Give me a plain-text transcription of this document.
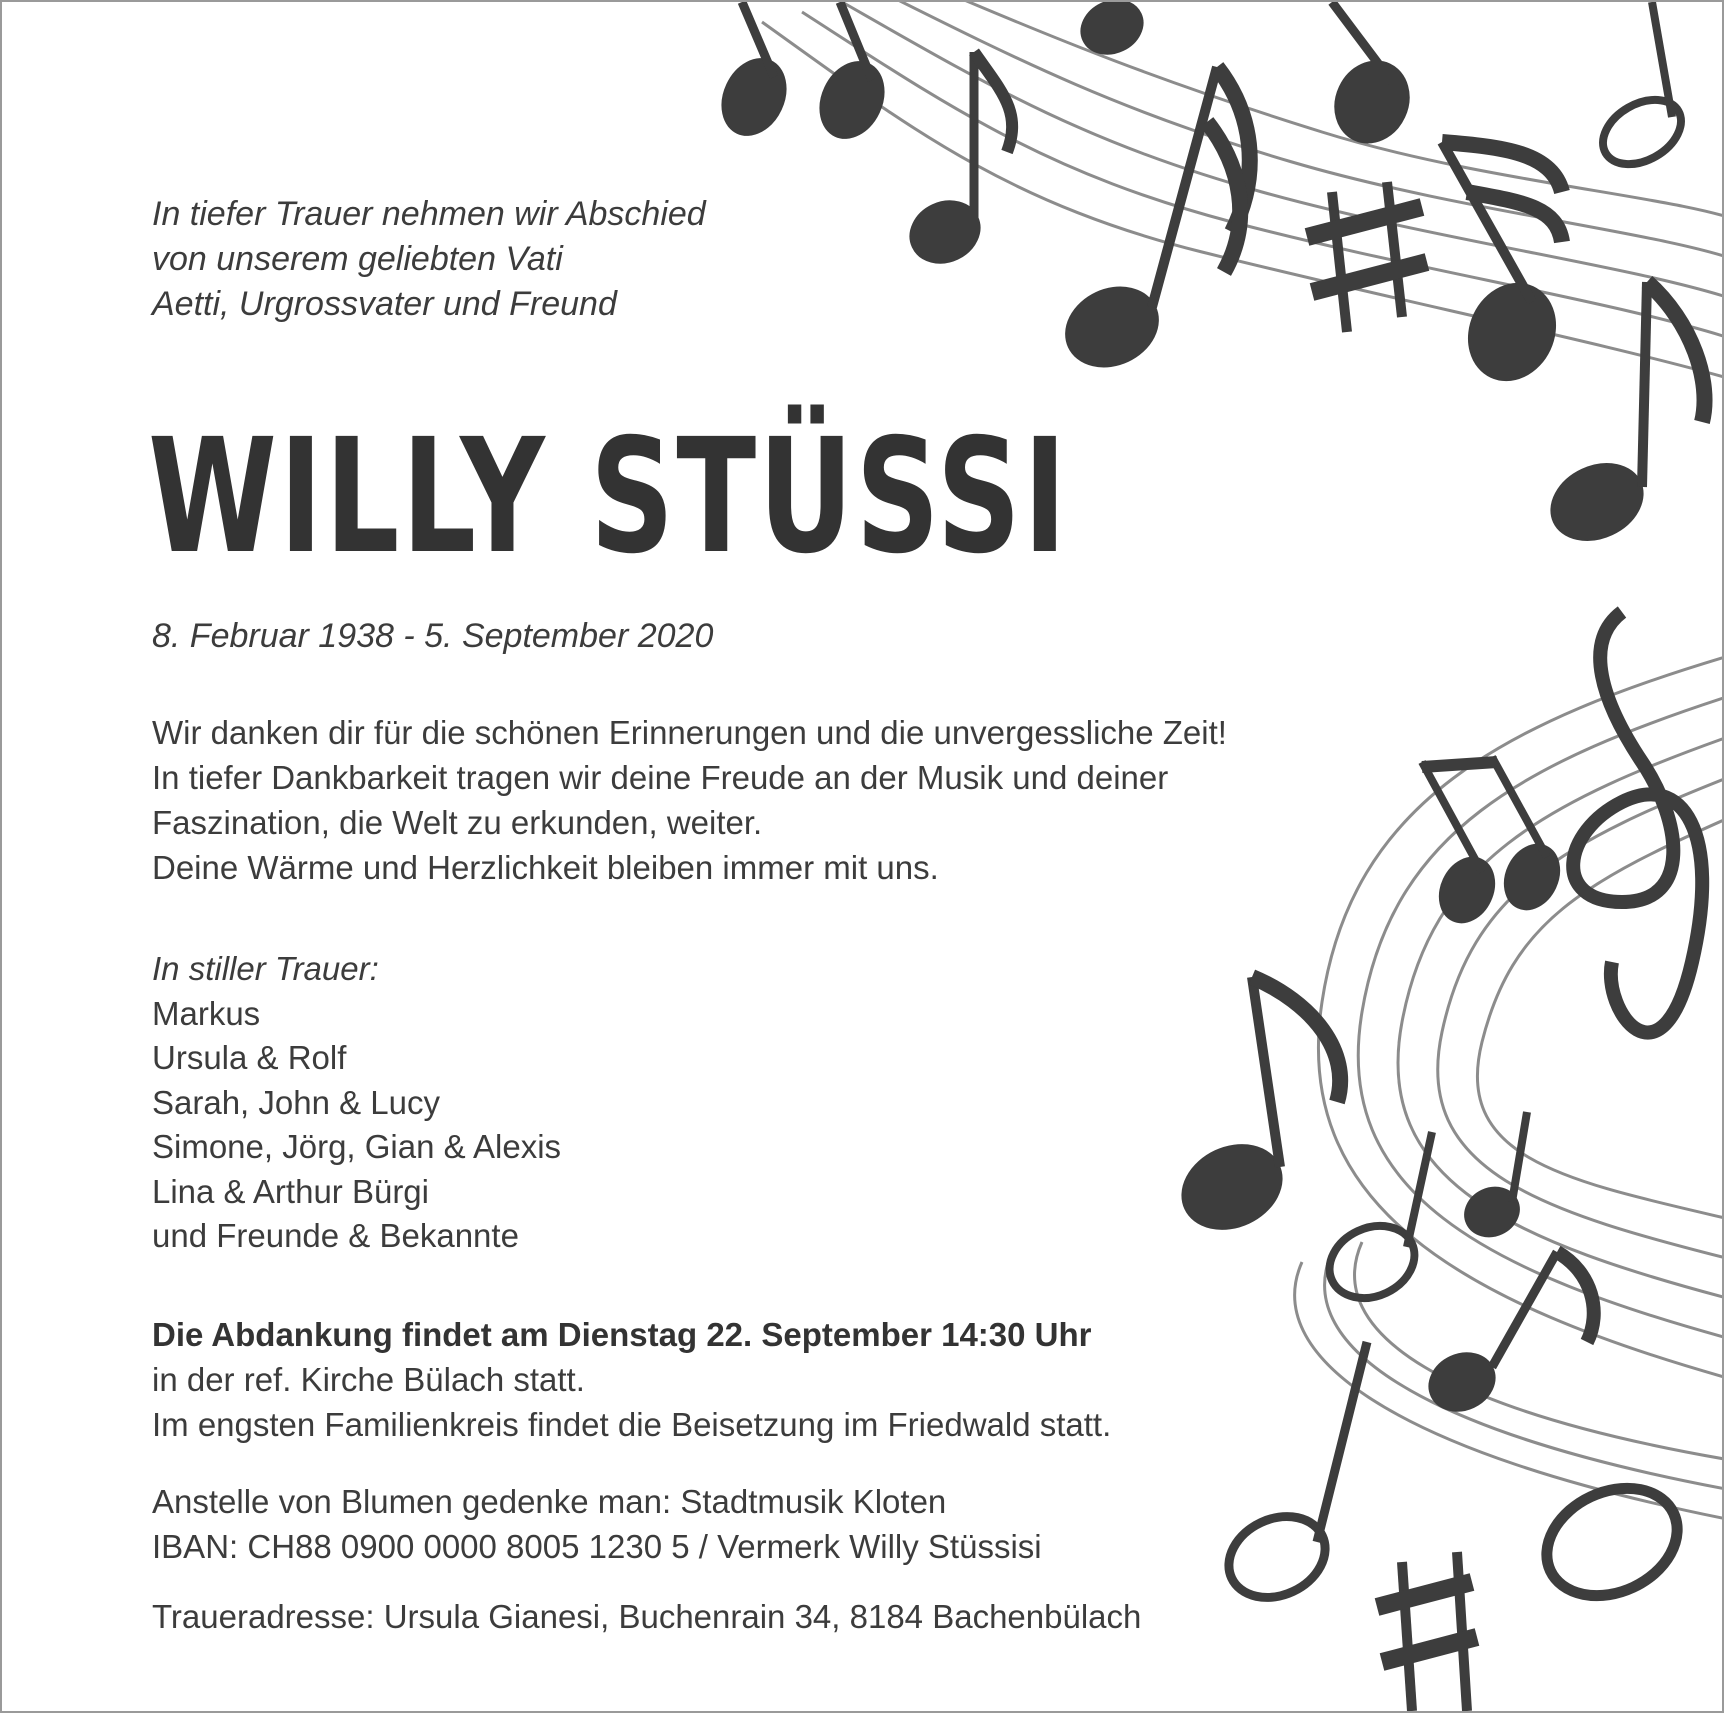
In tiefer Trauer nehmen wir Abschied
von unserem geliebten Vati
Aetti, Urgrossvater und Freund
WILLY STÜSSI
8. Februar 1938 - 5. September 2020
Wir danken dir für die schönen Erinnerungen und die unvergessliche Zeit!
In tiefer Dankbarkeit tragen wir deine Freude an der Musik und deiner
Faszination, die Welt zu erkunden, weiter.
Deine Wärme und Herzlichkeit bleiben immer mit uns.
In stiller Trauer:
Markus
Ursula & Rolf
Sarah, John & Lucy
Simone, Jörg, Gian & Alexis
Lina & Arthur Bürgi
und Freunde & Bekannte
Die Abdankung findet am Dienstag 22. September 14:30 Uhr
in der ref. Kirche Bülach statt.
Im engsten Familienkreis findet die Beisetzung im Friedwald statt.
Anstelle von Blumen gedenke man: Stadtmusik Kloten
IBAN: CH88 0900 0000 8005 1230 5 / Vermerk Willy Stüssisi
Traueradresse: Ursula Gianesi, Buchenrain 34, 8184 Bachenbülach
